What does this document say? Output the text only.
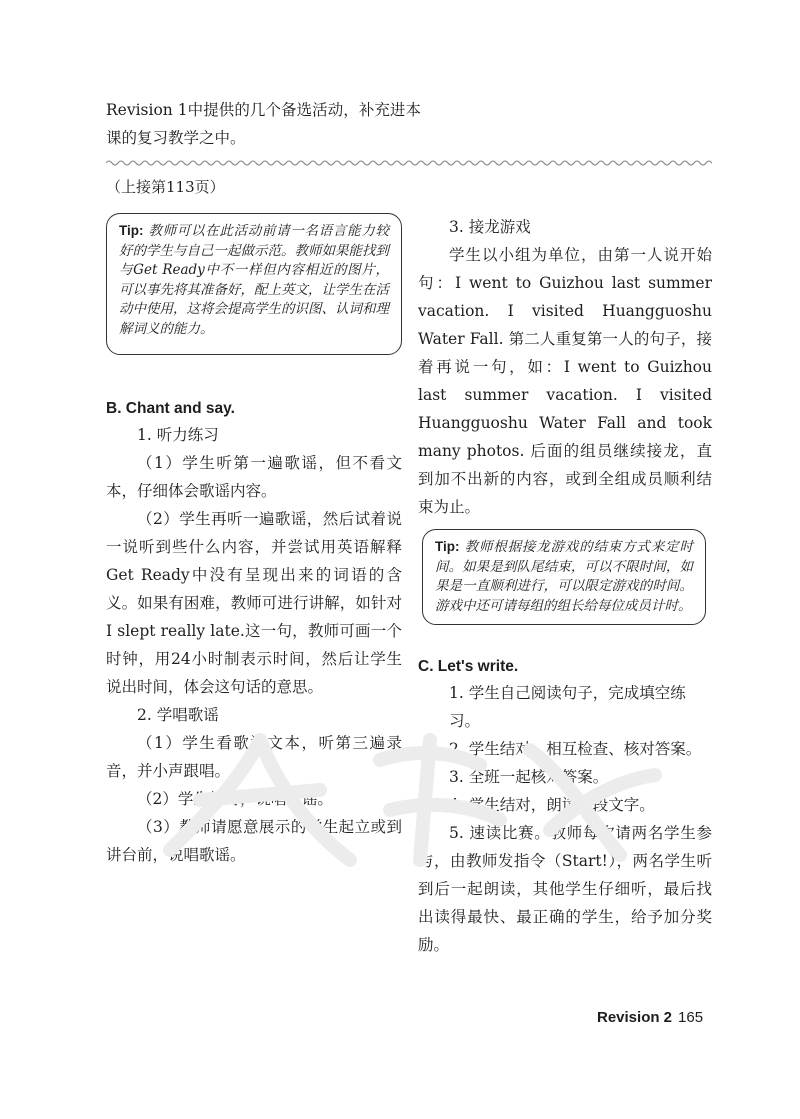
Revision 1中提供的几个备选活动，补充进本课的复习教学之中。

（上接第113页）
Tip: 教师可以在此活动前请一名语言能力较好的学生与自己一起做示范。教师如果能找到与Get Ready中不一样但内容相近的图片，可以事先将其准备好，配上英文，让学生在活动中使用，这将会提高学生的识图、认词和理解词义的能力。

B. Chant and say.

1. 听力练习

（1）学生听第一遍歌谣，但不看文本，仔细体会歌谣内容。

（2）学生再听一遍歌谣，然后试着说一说听到些什么内容，并尝试用英语解释Get Ready中没有呈现出来的词语的含义。如果有困难，教师可进行讲解，如针对I slept really late.这一句，教师可画一个时钟，用24小时制表示时间，然后让学生说出时间，体会这句话的意思。

2. 学唱歌谣

（1）学生看歌谣文本，听第三遍录音，并小声跟唱。

（2）学生结对，说唱歌谣。

（3）教师请愿意展示的学生起立或到讲台前，说唱歌谣。

3. 接龙游戏

学生以小组为单位，由第一人说开始句：I went to Guizhou last summer vacation. I visited Huangguoshu Water Fall. 第二人重复第一人的句子，接着再说一句，如：I went to Guizhou last summer vacation. I visited Huangguoshu Water Fall and took many photos. 后面的组员继续接龙，直到加不出新的内容，或到全组成员顺利结束为止。

Tip: 教师根据接龙游戏的结束方式来定时间。如果是到队尾结束，可以不限时间，如果是一直顺利进行，可以限定游戏的时间。游戏中还可请每组的组长给每位成员计时。

C. Let's write.

1. 学生自己阅读句子，完成填空练习。

2. 学生结对、相互检查、核对答案。

3. 全班一起核对答案。

4. 学生结对，朗读这段文字。

5. 速读比赛。教师每次请两名学生参与，由教师发指令（Start!），两名学生听到后一起朗读，其他学生仔细听，最后找出读得最快、最正确的学生，给予加分奖励。

Revision 2 165
